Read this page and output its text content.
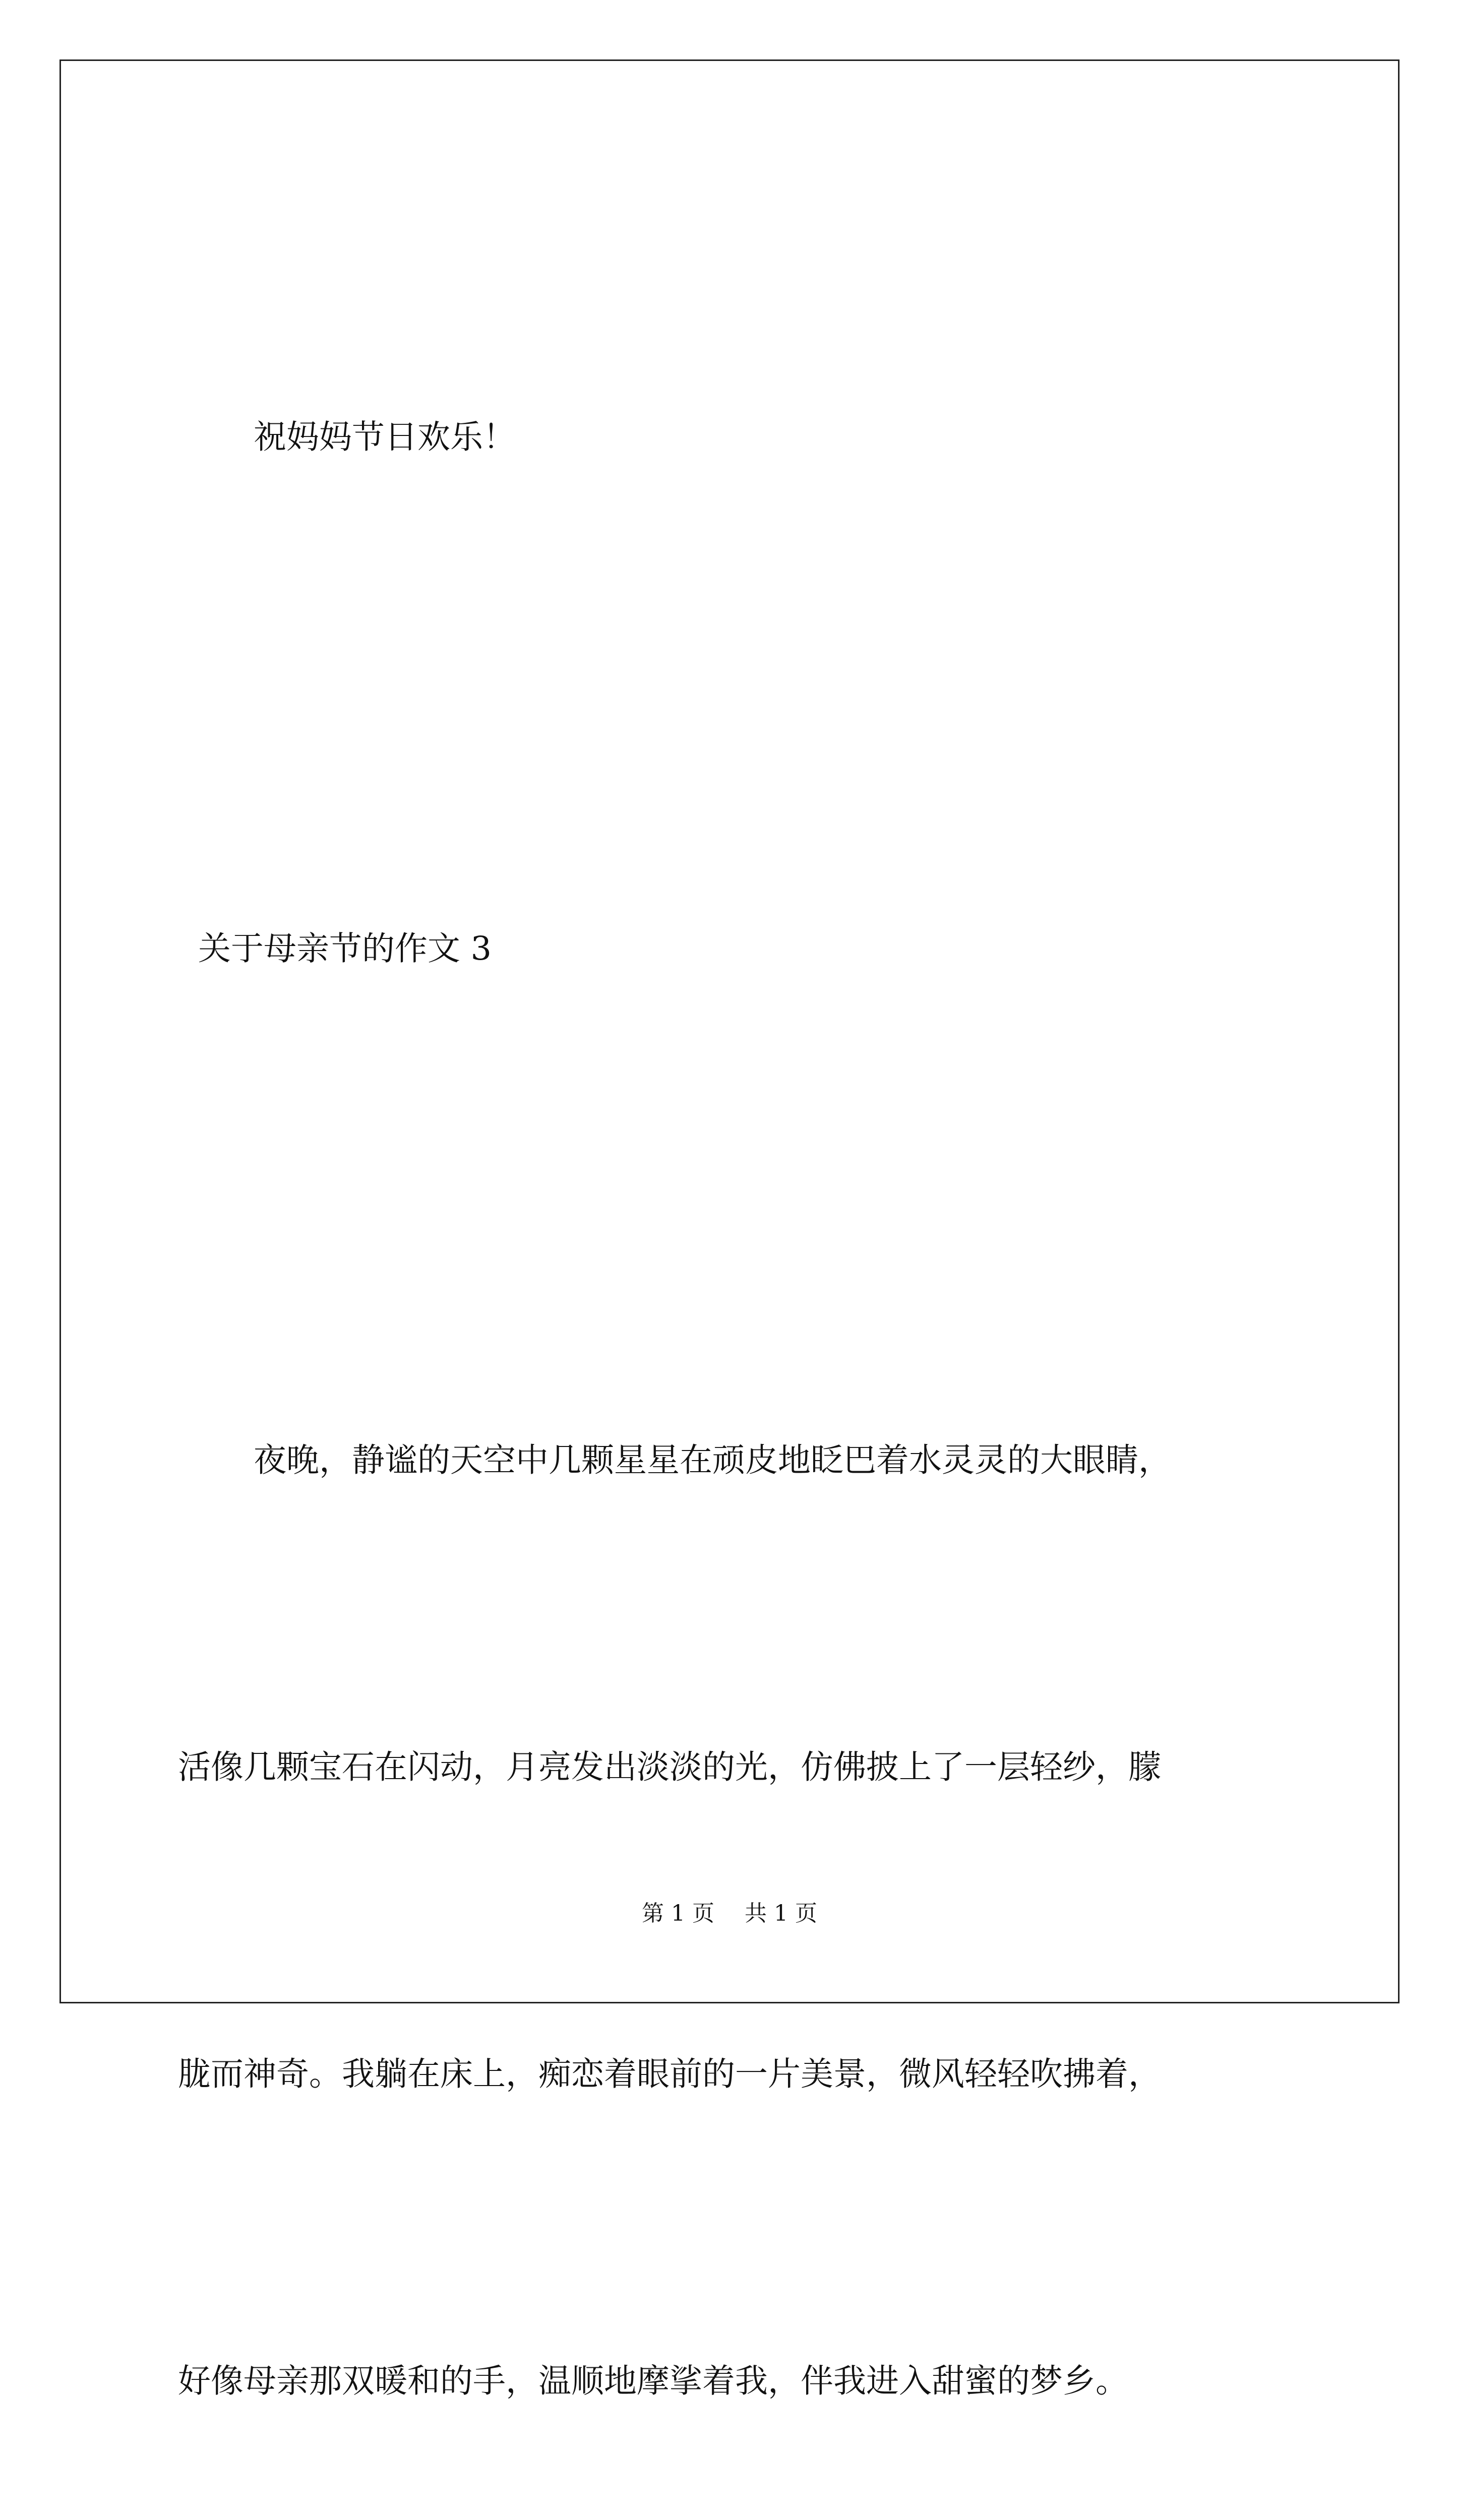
祝妈妈节日欢乐！

关于母亲节的作文 3

夜晚，静谧的天空中几颗星星在顽皮地眨巴着水灵灵的大眼睛，

活像几颗宝石在闪动，月亮发出淡淡的光，仿佛披上了一层轻纱，朦

胧而神奇。我躺在床上，痴恋着眼前的一片美景，微风轻轻吹拂着，

好像母亲那双暖和的手，温顺地摩挲着我，伴我进入甜蜜的梦乡。

第 1 页 共 1 页
